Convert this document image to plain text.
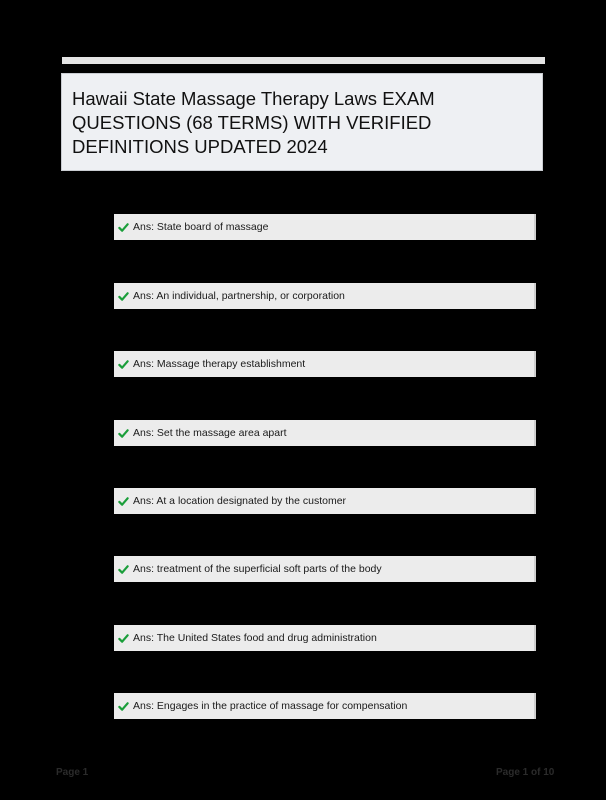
Hawaii State Massage Therapy Laws EXAM QUESTIONS (68 TERMS) WITH VERIFIED DEFINITIONS UPDATED 2024
Ans: State board of massage
Ans: An individual, partnership, or corporation
Ans: Massage therapy establishment
Ans: Set the massage area apart
Ans: At a location designated by the customer
Ans: treatment of the superficial soft parts of the body
Ans: The United States food and drug administration
Ans: Engages in the practice of massage for compensation
Page 1	Page 1 of 10
